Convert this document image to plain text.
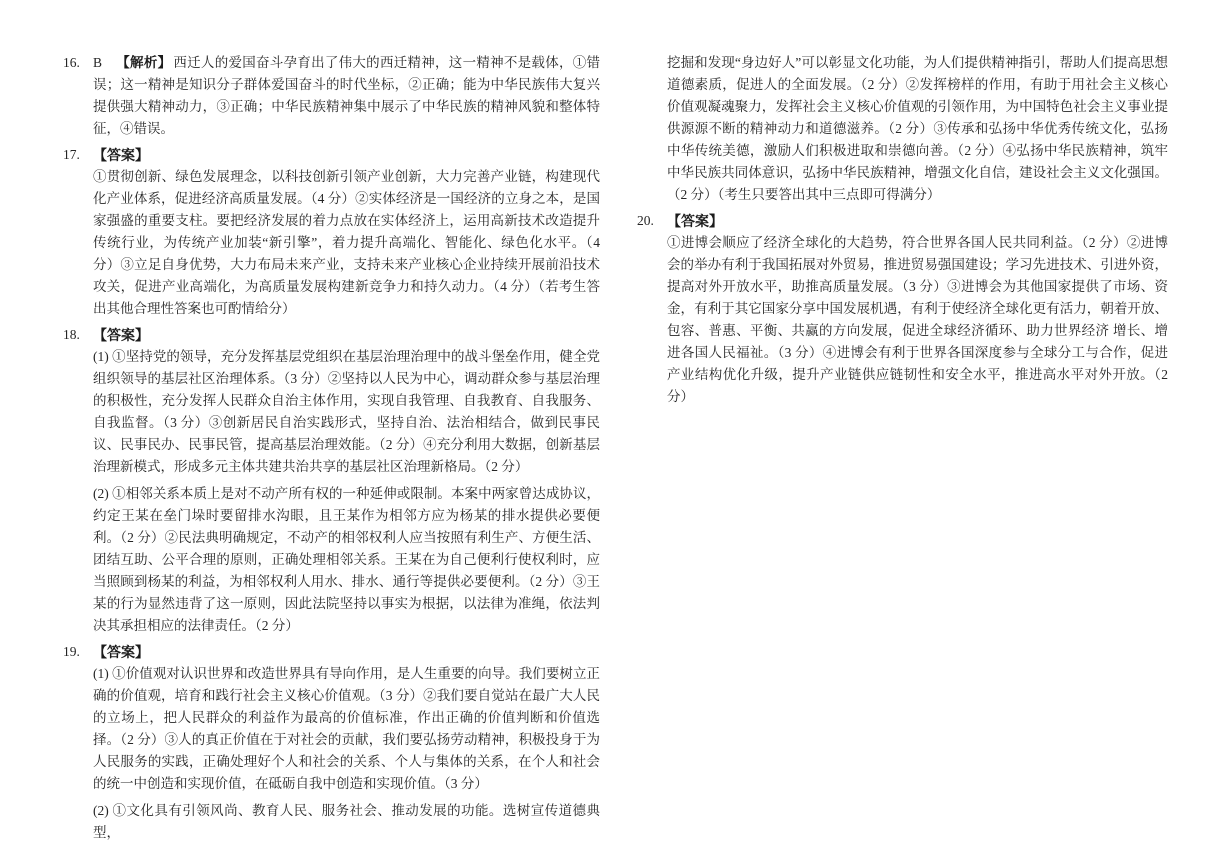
16. B 【解析】 西迁人的爱国奋斗孕育出了伟大的西迁精神，这一精神不是载体，①错误；这一精神是知识分子群体爱国奋斗的时代坐标，②正确；能为中华民族伟大复兴提供强大精神动力，③正确；中华民族精神集中展示了中华民族的精神风貌和整体特征，④错误。

17. 【答案】

①贯彻创新、绿色发展理念，以科技创新引领产业创新，大力完善产业链，构建现代化产业体系，促进经济高质量发展。（4 分）②实体经济是一国经济的立身之本，是国家强盛的重要支柱。要把经济发展的着力点放在实体经济上，运用高新技术改造提升传统行业，为传统产业加装“新引擎”，着力提升高端化、智能化、绿色化水平。（4 分）③立足自身优势，大力布局未来产业，支持未来产业核心企业持续开展前沿技术攻关，促进产业高端化，为高质量发展构建新竞争力和持久动力。（4 分）（若考生答出其他合理性答案也可酌情给分）

18. 【答案】

(1) ①坚持党的领导，充分发挥基层党组织在基层治理治理中的战斗堡垒作用，健全党组织领导的基层社区治理体系。（3 分）②坚持以人民为中心，调动群众参与基层治理的积极性，充分发挥人民群众自治主体作用，实现自我管理、自我教育、自我服务、自我监督。（3 分）③创新居民自治实践形式，坚持自治、法治相结合，做到民事民议、民事民办、民事民管，提高基层治理效能。（2 分）④充分利用大数据，创新基层治理新模式，形成多元主体共建共治共享的基层社区治理新格局。（2 分）

(2) ①相邻关系本质上是对不动产所有权的一种延伸或限制。本案中两家曾达成协议，约定王某在垒门垛时要留排水沟眼，且王某作为相邻方应为杨某的排水提供必要便利。（2 分）②民法典明确规定，不动产的相邻权利人应当按照有利生产、方便生活、团结互助、公平合理的原则，正确处理相邻关系。王某在为自己便利行使权利时，应当照顾到杨某的利益，为相邻权利人用水、排水、通行等提供必要便利。（2 分）③王某的行为显然违背了这一原则，因此法院坚持以事实为根据，以法律为准绳，依法判决其承担相应的法律责任。（2 分）

19. 【答案】

(1) ①价值观对认识世界和改造世界具有导向作用，是人生重要的向导。我们要树立正确的价值观，培育和践行社会主义核心价值观。（3 分）②我们要自觉站在最广大人民的立场上，把人民群众的利益作为最高的价值标准，作出正确的价值判断和价值选择。（2 分）③人的真正价值在于对社会的贡献，我们要弘扬劳动精神，积极投身于为人民服务的实践，正确处理好个人和社会的关系、个人与集体的关系，在个人和社会的统一中创造和实现价值，在砥砺自我中创造和实现价值。（3 分）

(2) ①文化具有引领风尚、教育人民、服务社会、推动发展的功能。选树宣传道德典型，

挖掘和发现“身边好人”可以彰显文化功能，为人们提供精神指引，帮助人们提高思想道德素质，促进人的全面发展。（2 分）②发挥榜样的作用，有助于用社会主义核心价值观凝魂聚力，发挥社会主义核心价值观的引领作用，为中国特色社会主义事业提供源源不断的精神动力和道德滋养。（2 分）③传承和弘扬中华优秀传统文化，弘扬中华传统美德，激励人们积极进取和崇德向善。（2 分）④弘扬中华民族精神，筑牢中华民族共同体意识，弘扬中华民族精神，增强文化自信，建设社会主义文化强国。（2 分）（考生只要答出其中三点即可得满分）

20. 【答案】

①进博会顺应了经济全球化的大趋势，符合世界各国人民共同利益。（2 分）②进博会的举办有利于我国拓展对外贸易，推进贸易强国建设；学习先进技术、引进外资，提高对外开放水平，助推高质量发展。（3 分）③进博会为其他国家提供了市场、资金，有利于其它国家分享中国发展机遇，有利于使经济全球化更有活力，朝着开放、包容、普惠、平衡、共赢的方向发展，促进全球经济循环、助力世界经济 增长、增进各国人民福祉。（3 分）④进博会有利于世界各国深度参与全球分工与合作，促进产业结构优化升级，提升产业链供应链韧性和安全水平，推进高水平对外开放。（2 分）
